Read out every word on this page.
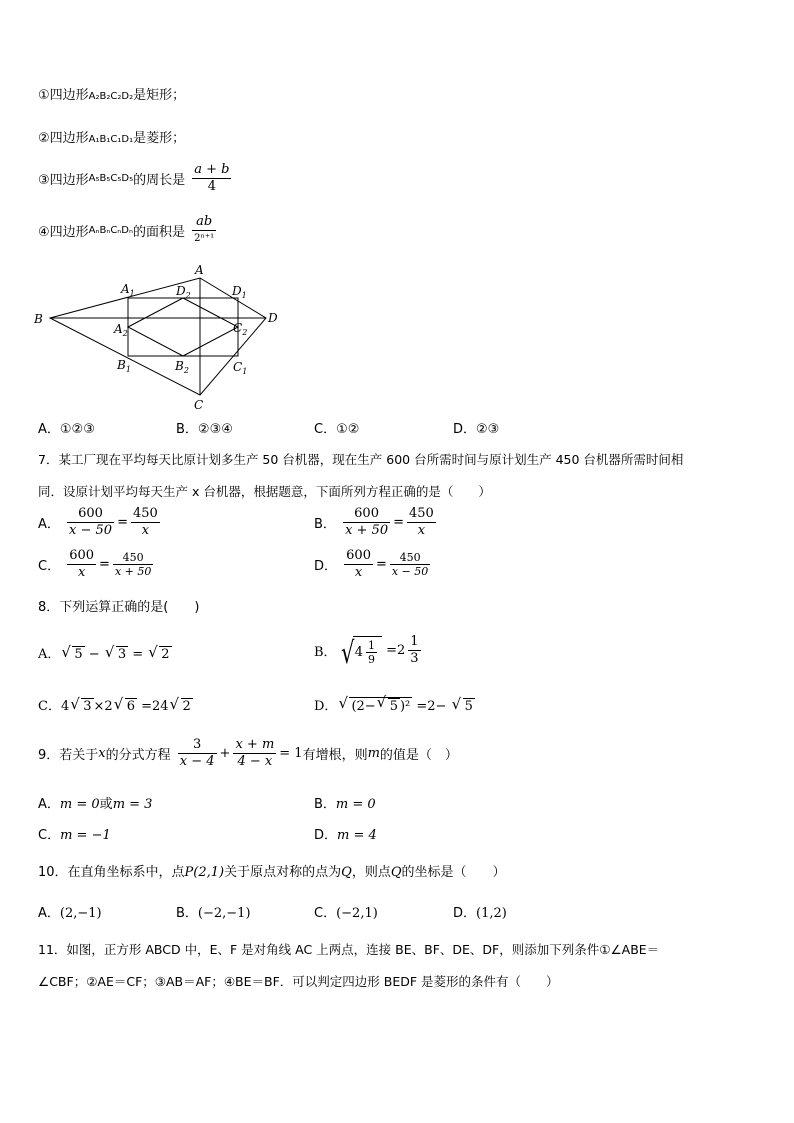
①四边形A₂B₂C₂D₂是矩形；
②四边形A₁B₁C₁D₁是菱形；
③四边形A₅B₅C₅D₅的周长是 $\frac{a + b}{4}$
④四边形AₙBₙCₙDₙ的面积是 $\frac{ab}{\text{2ⁿ⁺¹}}$
B
A
D
C
$A_1$
$B_1$	$C_1$
$D_1$
$A_2$
$B_2$
$C_2$
$D_2$
A．①②③	B．②③④	C．①②	D．②③
7．某工厂现在平均每天比原计划多生产 50 台机器，现在生产 600 台所需时间与原计划生产 450 台机器所需时间相
同．设原计划平均每天生产 x 台机器，根据题意，下面所列方程正确的是（　　）
A． $\frac{600}{x - 50} = \frac{450}{x}$	B． $\frac{600}{x + 50} = \frac{450}{x}$
C． $\frac{600}{x} = \frac{450}{x + 50}$	D． $\frac{600}{x} = \frac{450}{x - 50}$
8．下列运算正确的是(　　)
A． √ 5 − √ 3 = √ 2	B． √ $4 \frac{1}{9} =2 \frac{1}{3}$
C．4 √ 3 ×2 √ 6 =24 √ 2	D． √ (2− √ 5 )² =2− √ 5
9．若关于x的分式方程 $\frac{3}{x - 4} + \frac{x + m}{4 - x} = 1$有增根，则m的值是（　）
A．m = 0或m = 3	B．m = 0
C．m = −1	D．m = 4
10．在直角坐标系中，点P(2,1)关于原点对称的点为Q，则点Q的坐标是（　　）
A．(2,−1)	B．(−2,−1)	C．(−2,1)	D．(1,2)
11．如图，正方形 ABCD 中，E、F 是对角线 AC 上两点，连接 BE、BF、DE、DF，则添加下列条件①∠ABE＝
∠CBF；②AE＝CF；③AB＝AF；④BE＝BF．可以判定四边形 BEDF 是菱形的条件有（　　）
